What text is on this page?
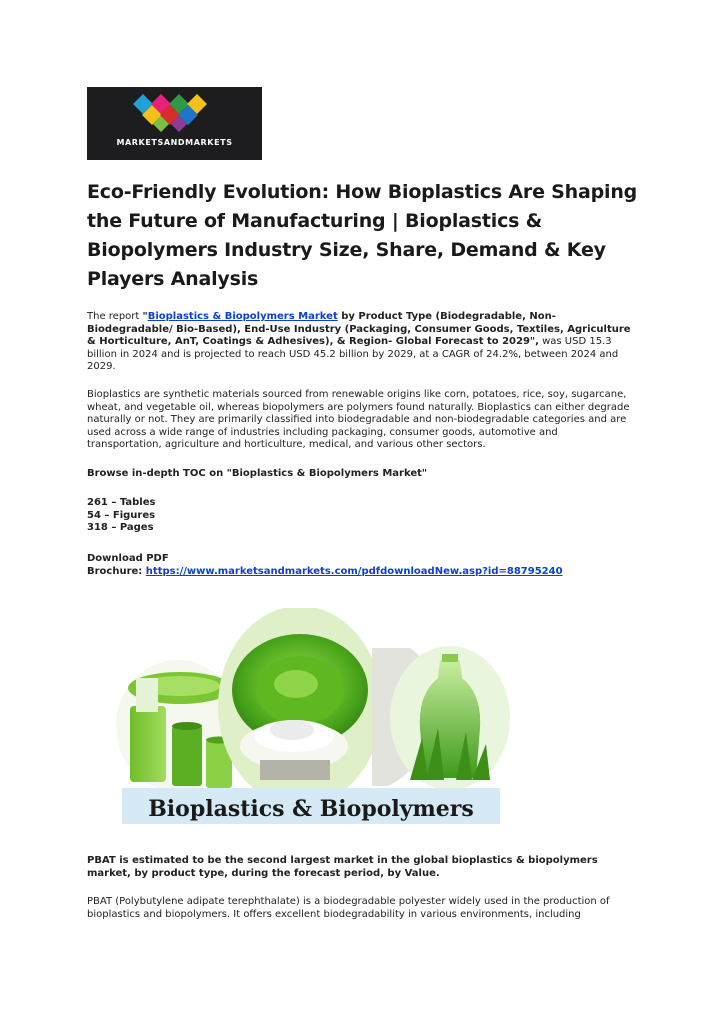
MARKETSANDMARKETS
Eco-Friendly Evolution: How Bioplastics Are Shaping the Future of Manufacturing | Bioplastics & Biopolymers Industry Size, Share, Demand & Key Players Analysis

The report "Bioplastics & Biopolymers Market by Product Type (Biodegradable, Non-Biodegradable/ Bio-Based), End-Use Industry (Packaging, Consumer Goods, Textiles, Agriculture & Horticulture, AnT, Coatings & Adhesives), & Region- Global Forecast to 2029", was USD 15.3 billion in 2024 and is projected to reach USD 45.2 billion by 2029, at a CAGR of 24.2%, between 2024 and 2029.

Bioplastics are synthetic materials sourced from renewable origins like corn, potatoes, rice, soy, sugarcane, wheat, and vegetable oil, whereas biopolymers are polymers found naturally. Bioplastics can either degrade naturally or not. They are primarily classified into biodegradable and non-biodegradable categories and are used across a wide range of industries including packaging, consumer goods, automotive and transportation, agriculture and horticulture, medical, and various other sectors.

Browse in-depth TOC on "Bioplastics & Biopolymers Market"

261 – Tables
54 – Figures
318 – Pages
Download PDF
Brochure: https://www.marketsandmarkets.com/pdfdownloadNew.asp?id=88795240
Bioplastics & Biopolymers

PBAT is estimated to be the second largest market in the global bioplastics & biopolymers market, by product type, during the forecast period, by Value.

PBAT (Polybutylene adipate terephthalate) is a biodegradable polyester widely used in the production of bioplastics and biopolymers. It offers excellent biodegradability in various environments, including
